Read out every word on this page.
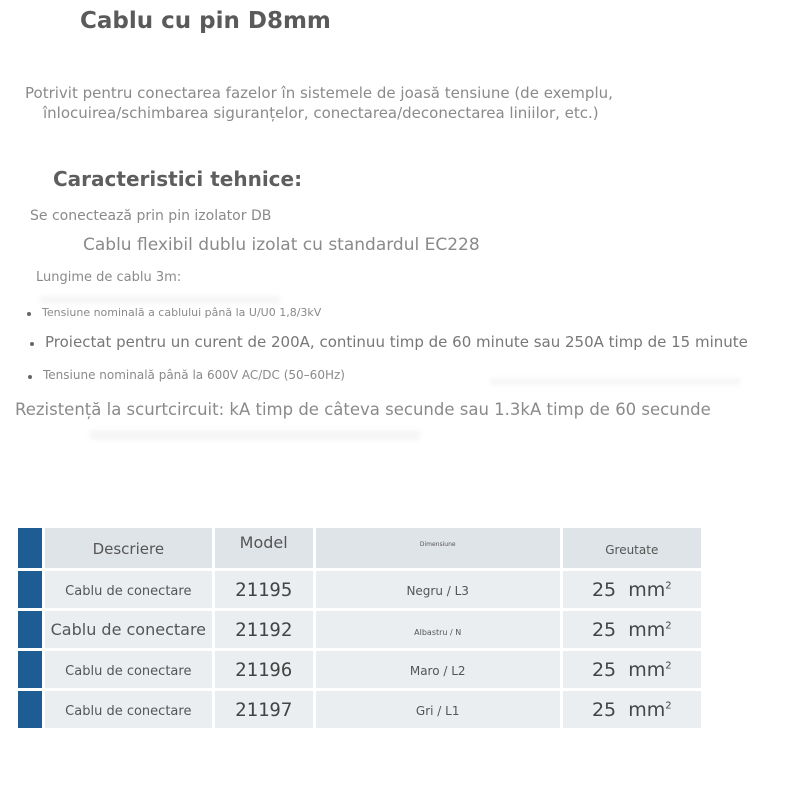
Cablu cu pin D8mm

Potrivit pentru conectarea fazelor în sistemele de joasă tensiune (de exemplu,

înlocuirea/schimbarea siguranțelor, conectarea/deconectarea liniilor, etc.)

Caracteristici tehnice:

Se conectează prin pin izolator DB

Cablu flexibil dublu izolat cu standardul EC228

Lungime de cablu 3m:

Tensiune nominală a cablului până la U/U0 1,8/3kV

Proiectat pentru un curent de 200A, continuu timp de 60 minute sau 250A timp de 15 minute

Tensiune nominală până la 600V AC/DC (50–60Hz)

Rezistență la scurtcircuit: kA timp de câteva secunde sau 1.3kA timp de 60 secunde

	Descriere	Model	$^{Dimensiune}$	Greutate
	Cablu de conectare	21195	Negru / L3	25 $mm^2$
	Cablu de conectare	21192	Albastru / N	25 $mm^2$
	Cablu de conectare	21196	Maro / L2	25 $mm^2$
	Cablu de conectare	21197	Gri / L1	25 $mm^2$
